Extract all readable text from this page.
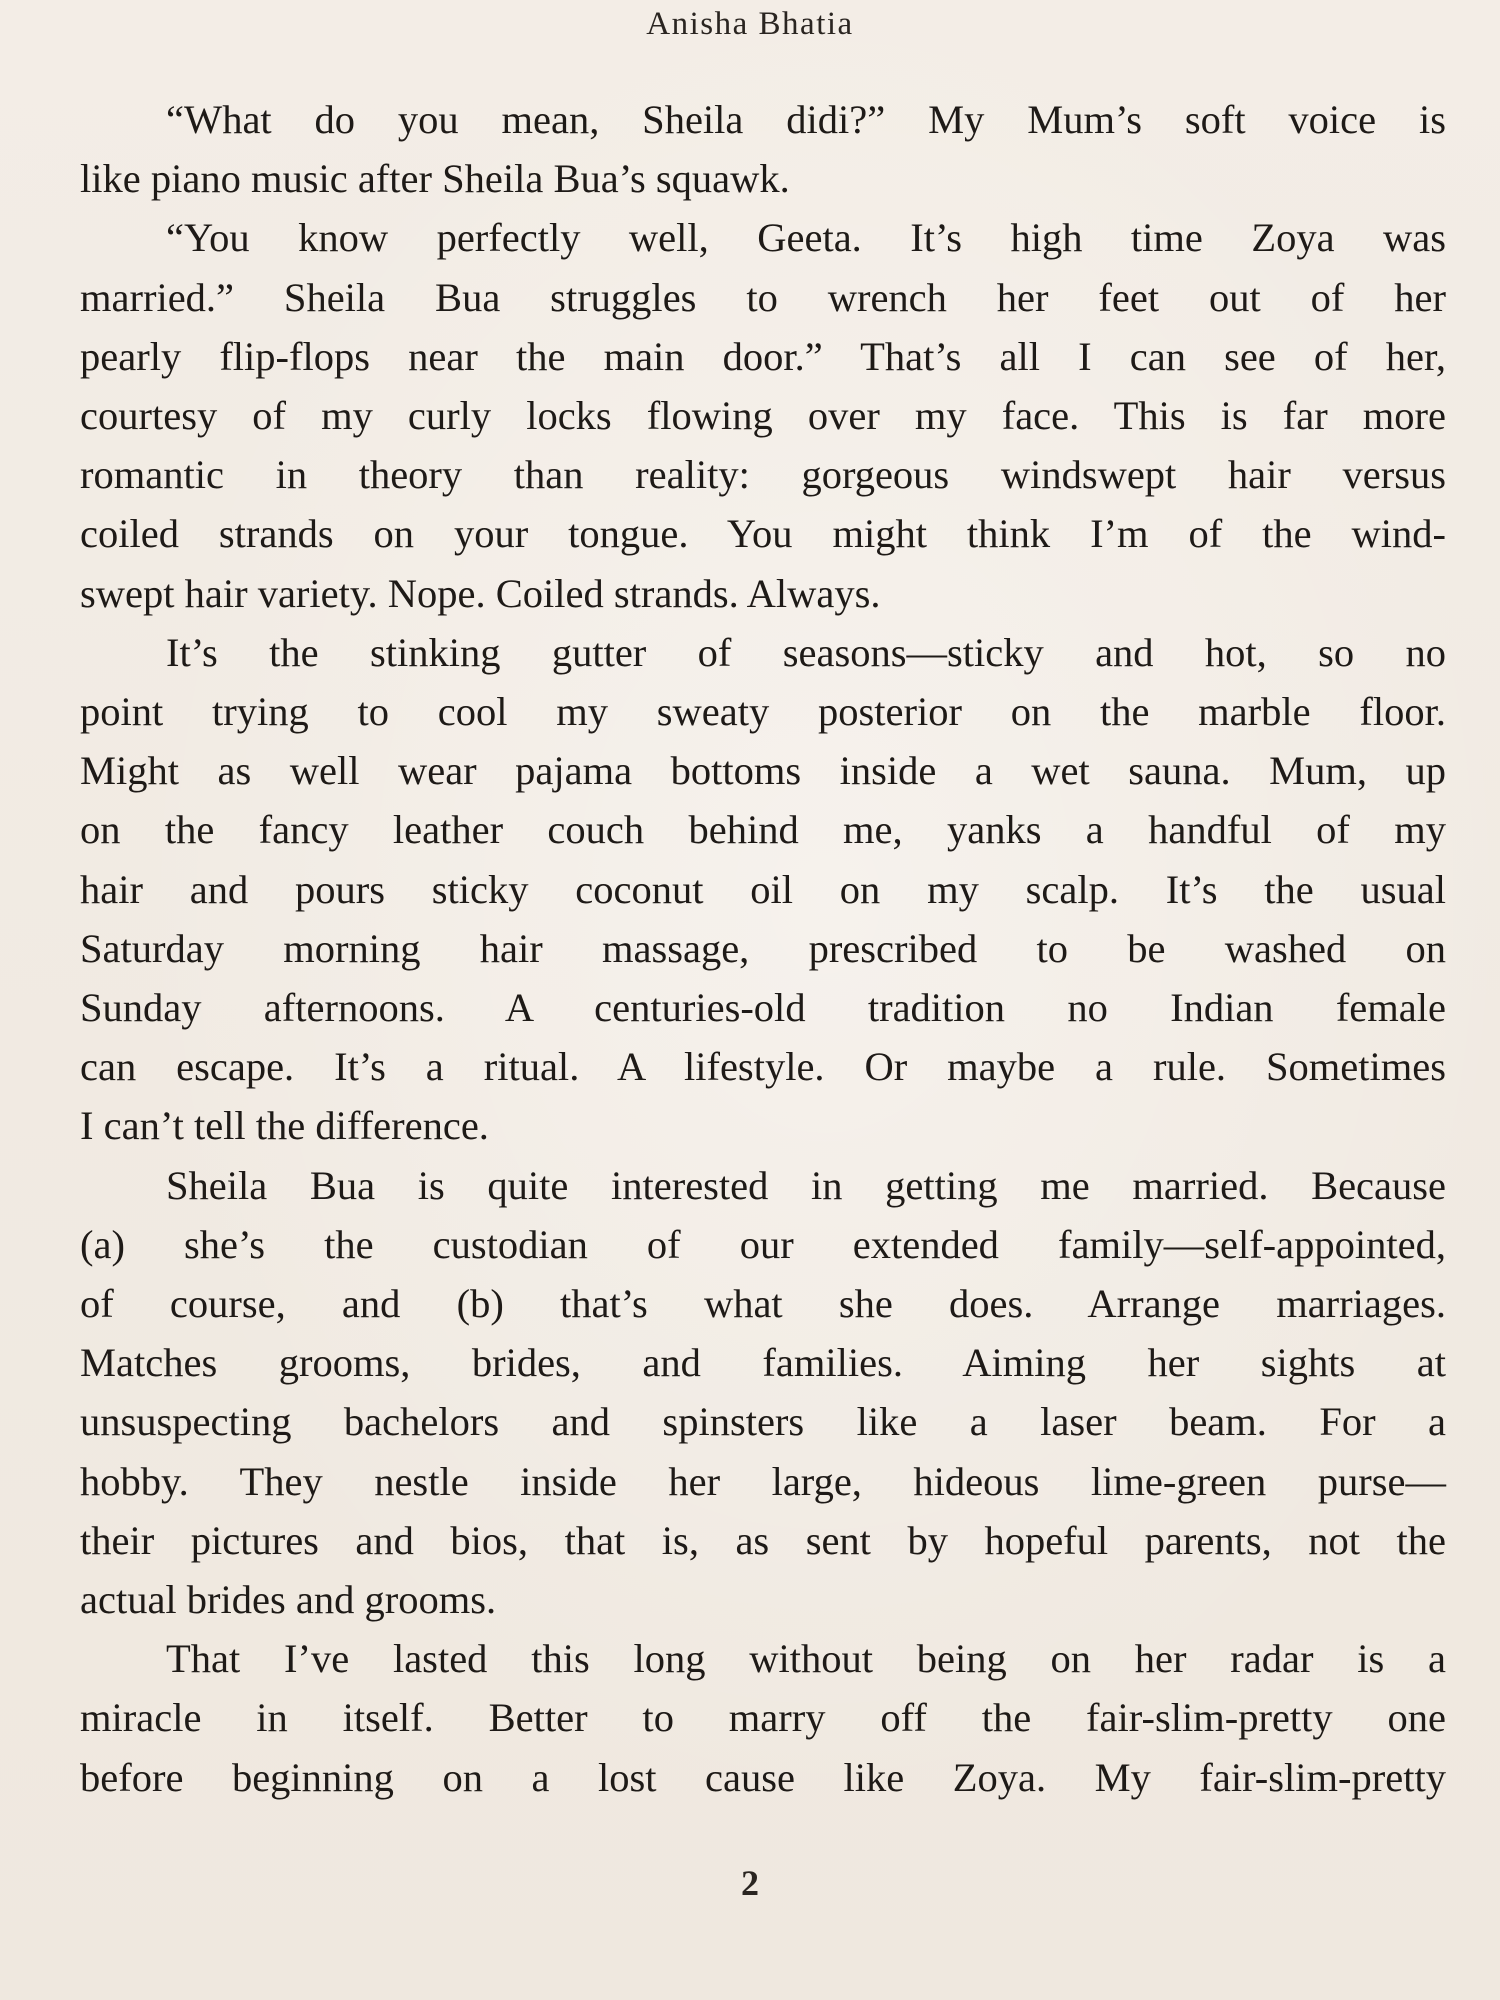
Anisha Bhatia

“What do you mean, Sheila didi?” My Mum’s soft voice is
like piano music after Sheila Bua’s squawk.

“You know perfectly well, Geeta. It’s high time Zoya was
married.” Sheila Bua struggles to wrench her feet out of her
pearly flip-flops near the main door.” That’s all I can see of her,
courtesy of my curly locks flowing over my face. This is far more
romantic in theory than reality: gorgeous windswept hair versus
coiled strands on your tongue. You might think I’m of the wind-
swept hair variety. Nope. Coiled strands. Always.

It’s the stinking gutter of seasons—sticky and hot, so no
point trying to cool my sweaty posterior on the marble floor.
Might as well wear pajama bottoms inside a wet sauna. Mum, up
on the fancy leather couch behind me, yanks a handful of my
hair and pours sticky coconut oil on my scalp. It’s the usual
Saturday morning hair massage, prescribed to be washed on
Sunday afternoons. A centuries-old tradition no Indian female
can escape. It’s a ritual. A lifestyle. Or maybe a rule. Sometimes
I can’t tell the difference.

Sheila Bua is quite interested in getting me married. Because
(a) she’s the custodian of our extended family—self-appointed,
of course, and (b) that’s what she does. Arrange marriages.
Matches grooms, brides, and families. Aiming her sights at
unsuspecting bachelors and spinsters like a laser beam. For a
hobby. They nestle inside her large, hideous lime-green purse—
their pictures and bios, that is, as sent by hopeful parents, not the
actual brides and grooms.

That I’ve lasted this long without being on her radar is a
miracle in itself. Better to marry off the fair-slim-pretty one
before beginning on a lost cause like Zoya. My fair-slim-pretty

2
